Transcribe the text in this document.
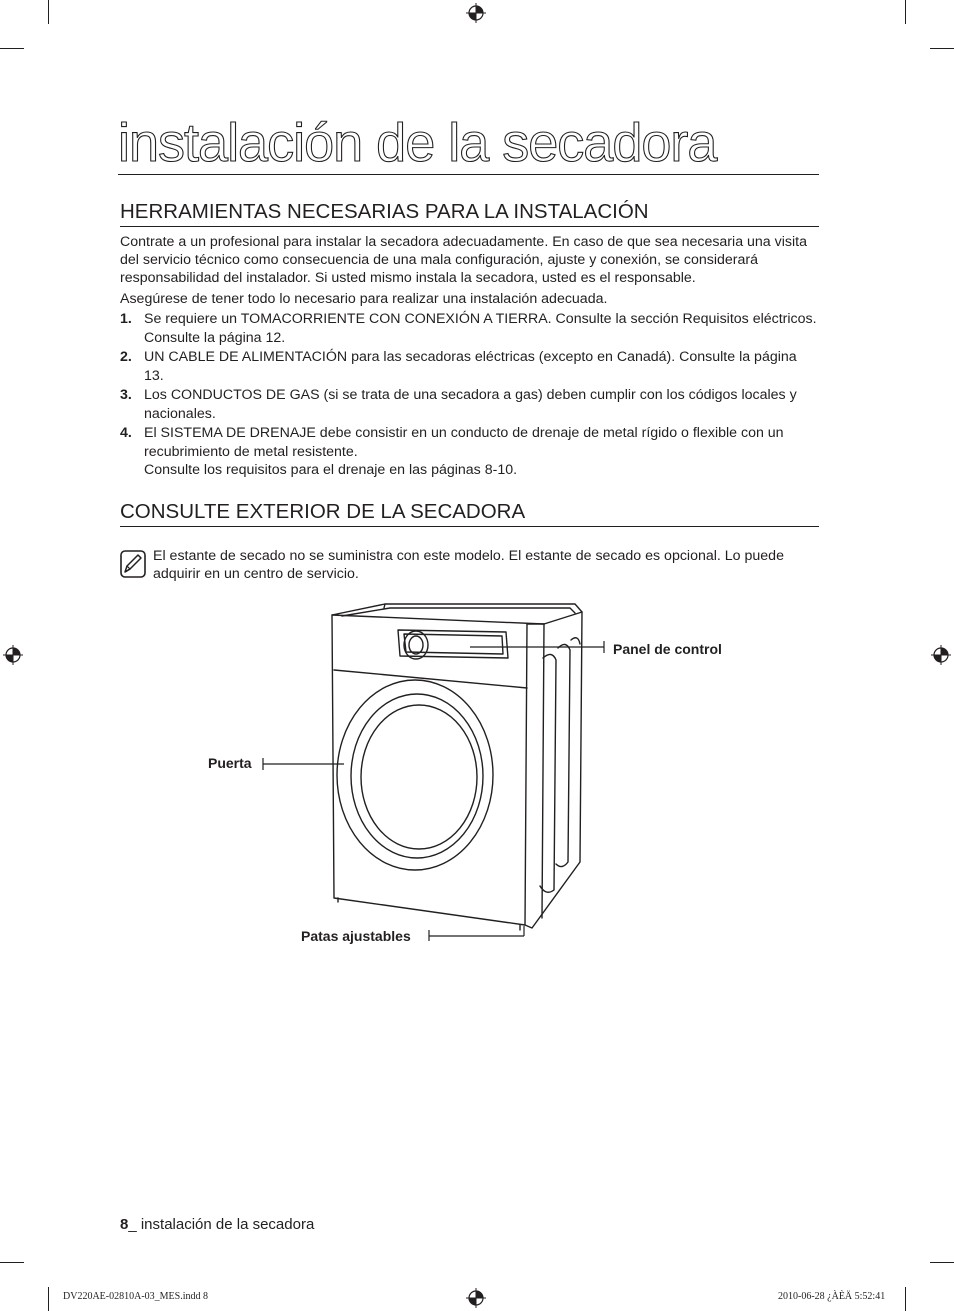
instalación de la secadora
HERRAMIENTAS NECESARIAS PARA LA INSTALACIÓN

Contrate a un profesional para instalar la secadora adecuadamente. En caso de que sea necesaria una visita del servicio técnico como consecuencia de una mala configuración, ajuste y conexión, se considerará responsabilidad del instalador. Si usted mismo instala la secadora, usted es el responsable.

Asegúrese de tener todo lo necesario para realizar una instalación adecuada.

1. Se requiere un TOMACORRIENTE CON CONEXIÓN A TIERRA. Consulte la sección Requisitos eléctricos. Consulte la página 12.
2. UN CABLE DE ALIMENTACIÓN para las secadoras eléctricas (excepto en Canadá). Consulte la página 13.
3. Los CONDUCTOS DE GAS (si se trata de una secadora a gas) deben cumplir con los códigos locales y nacionales.
4. El SISTEMA DE DRENAJE debe consistir en un conducto de drenaje de metal rígido o flexible con un recubrimiento de metal resistente.
Consulte los requisitos para el drenaje en las páginas 8-10.
CONSULTE EXTERIOR DE LA SECADORA
El estante de secado no se suministra con este modelo. El estante de secado es opcional. Lo puede adquirir en un centro de servicio.
Panel de control
Puerta
Patas ajustables
8_ instalación de la secadora
DV220AE-02810A-03_MES.indd 8	2010-06-28 ¿ÀÈÄ 5:52:41
